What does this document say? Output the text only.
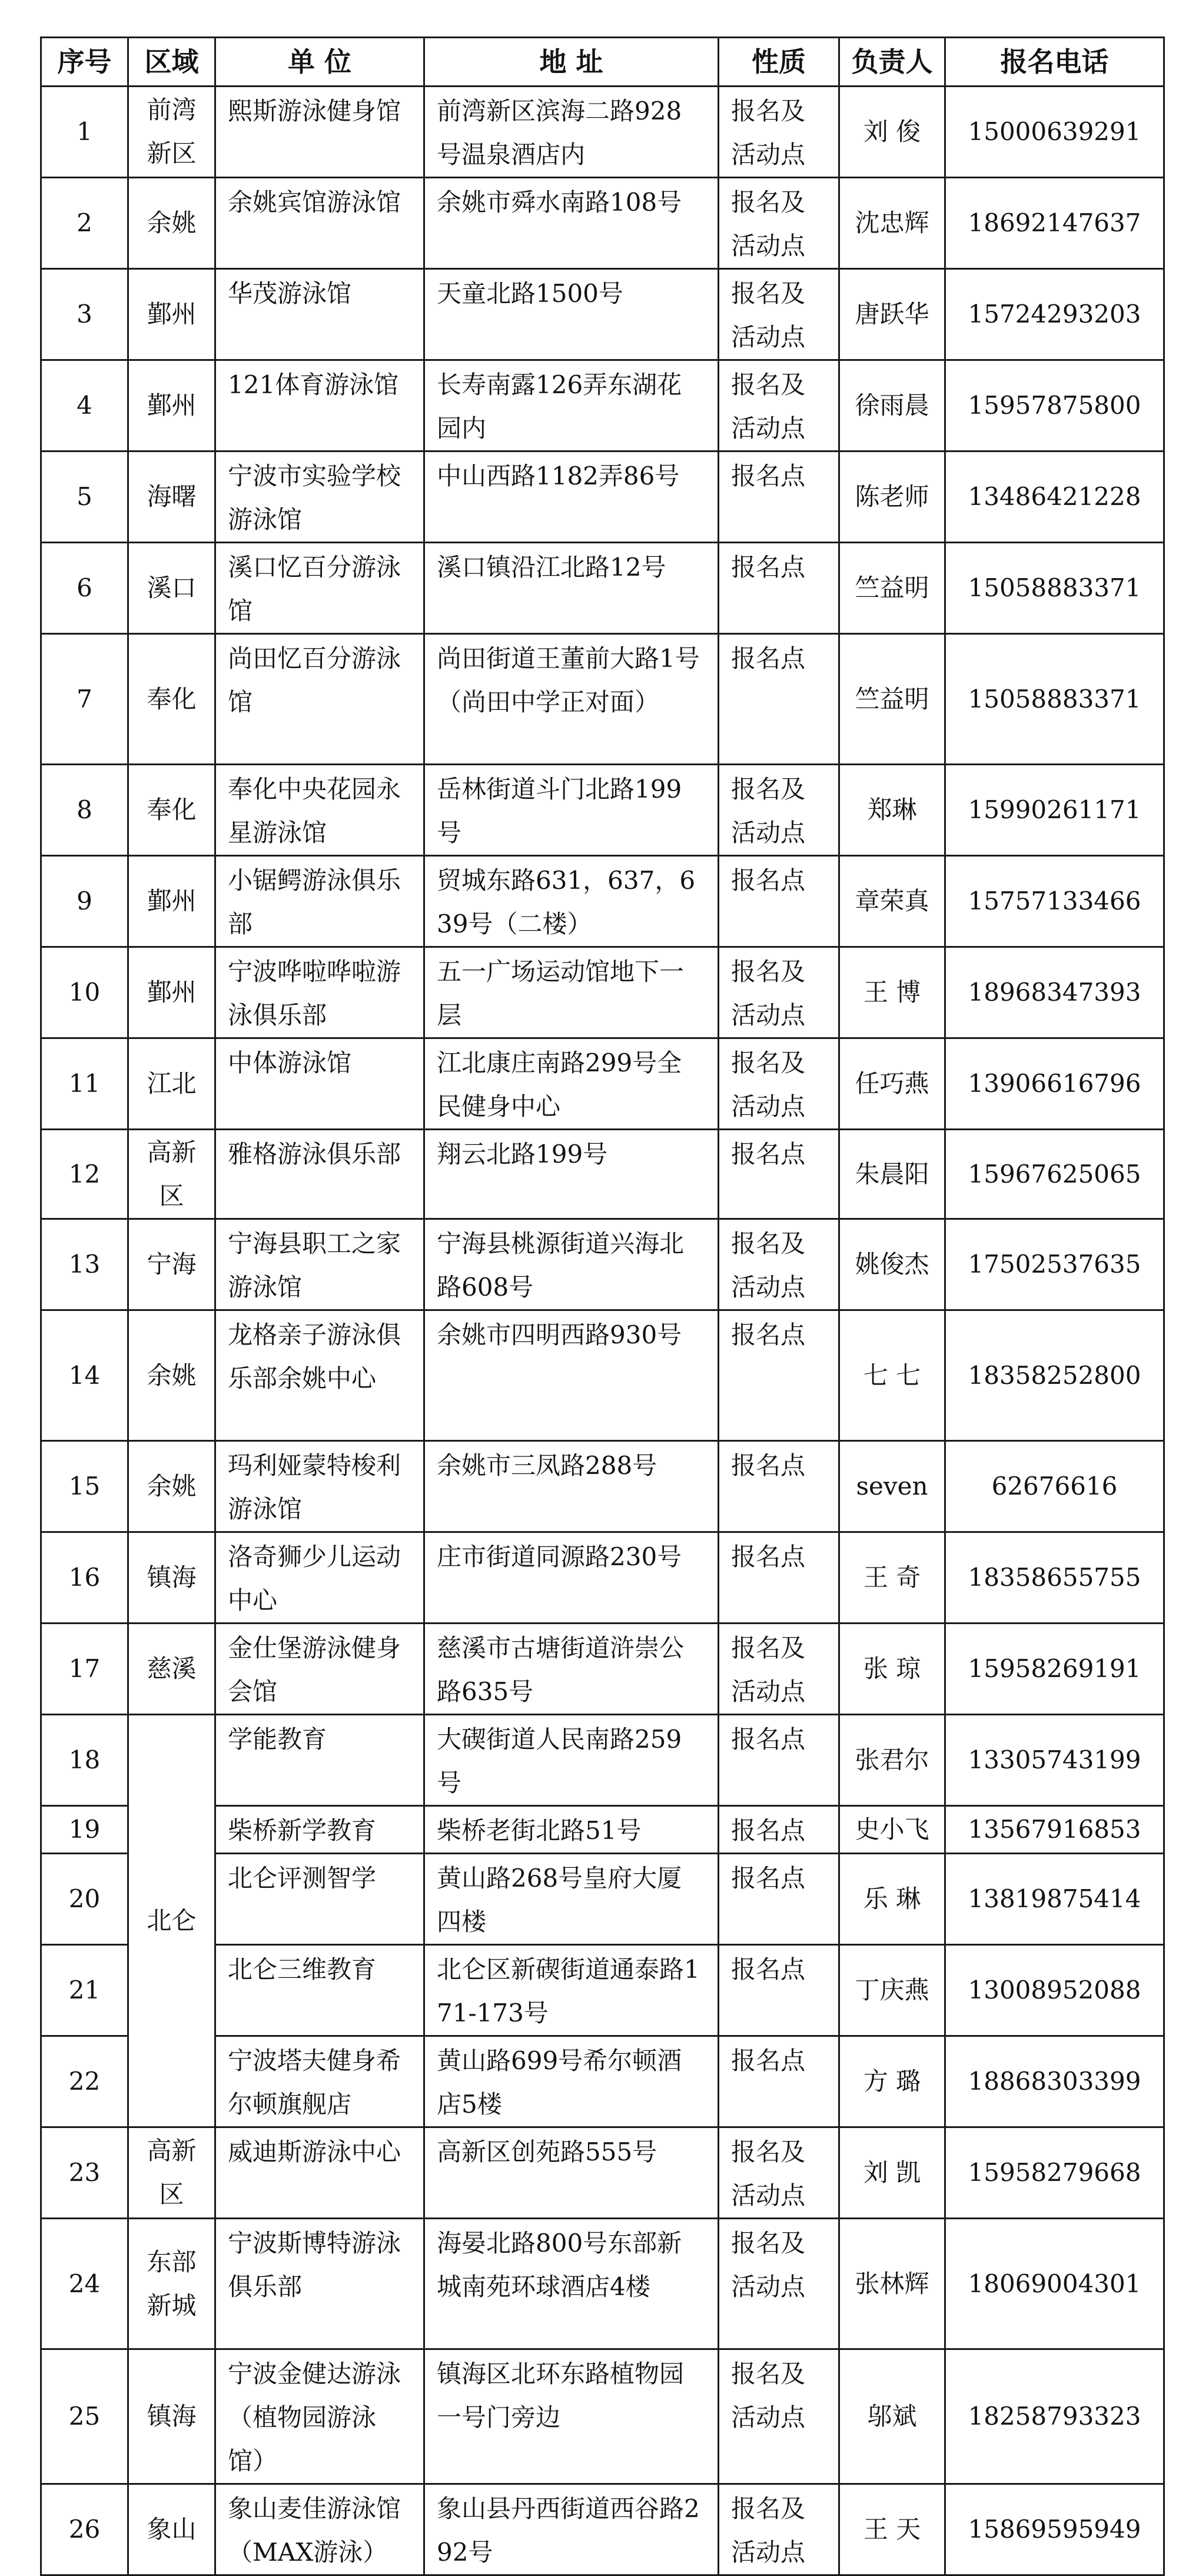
序号	区域	单 位	地 址	性质	负责人	报名电话
1	前湾新区	熙斯游泳健身馆	前湾新区滨海二路928号温泉酒店内	报名及活动点	刘 俊	15000639291
2	余姚	余姚宾馆游泳馆	余姚市舜水南路108号	报名及活动点	沈忠辉	18692147637
3	鄞州	华茂游泳馆	天童北路1500号	报名及活动点	唐跃华	15724293203
4	鄞州	121体育游泳馆	长寿南露126弄东湖花园内	报名及活动点	徐雨晨	15957875800
5	海曙	宁波市实验学校游泳馆	中山西路1182弄86号	报名点	陈老师	13486421228
6	溪口	溪口忆百分游泳馆	溪口镇沿江北路12号	报名点	竺益明	15058883371
7	奉化	尚田忆百分游泳馆	尚田街道王董前大路1号（尚田中学正对面）	报名点	竺益明	15058883371
8	奉化	奉化中央花园永星游泳馆	岳林街道斗门北路199号	报名及活动点	郑琳	15990261171
9	鄞州	小锯鳄游泳俱乐部	贸城东路631，637，639号（二楼）	报名点	章荣真	15757133466
10	鄞州	宁波哗啦哗啦游泳俱乐部	五一广场运动馆地下一层	报名及活动点	王 博	18968347393
11	江北	中体游泳馆	江北康庄南路299号全民健身中心	报名及活动点	任巧燕	13906616796
12	高新区	雅格游泳俱乐部	翔云北路199号	报名点	朱晨阳	15967625065
13	宁海	宁海县职工之家游泳馆	宁海县桃源街道兴海北路608号	报名及活动点	姚俊杰	17502537635
14	余姚	龙格亲子游泳俱乐部余姚中心	余姚市四明西路930号	报名点	七 七	18358252800
15	余姚	玛利娅蒙特梭利游泳馆	余姚市三凤路288号	报名点	seven	62676616
16	镇海	洛奇狮少儿运动中心	庄市街道同源路230号	报名点	王 奇	18358655755
17	慈溪	金仕堡游泳健身会馆	慈溪市古塘街道浒崇公路635号	报名及活动点	张 琼	15958269191
18	北仑	学能教育	大碶街道人民南路259号	报名点	张君尔	13305743199
19		柴桥新学教育	柴桥老街北路51号	报名点	史小飞	13567916853
20		北仑评测智学	黄山路268号皇府大厦四楼	报名点	乐 琳	13819875414
21		北仑三维教育	北仑区新碶街道通泰路171-173号	报名点	丁庆燕	13008952088
22		宁波塔夫健身希尔顿旗舰店	黄山路699号希尔顿酒店5楼	报名点	方 璐	18868303399
23	高新区	威迪斯游泳中心	高新区创苑路555号	报名及活动点	刘 凯	15958279668
24	东部新城	宁波斯博特游泳俱乐部	海晏北路800号东部新城南苑环球酒店4楼	报名及活动点	张林辉	18069004301
25	镇海	宁波金健达游泳（植物园游泳馆）	镇海区北环东路植物园一号门旁边	报名及活动点	邬斌	18258793323
26	象山	象山麦佳游泳馆（MAX游泳）	象山县丹西街道西谷路292号	报名及活动点	王 天	15869595949
